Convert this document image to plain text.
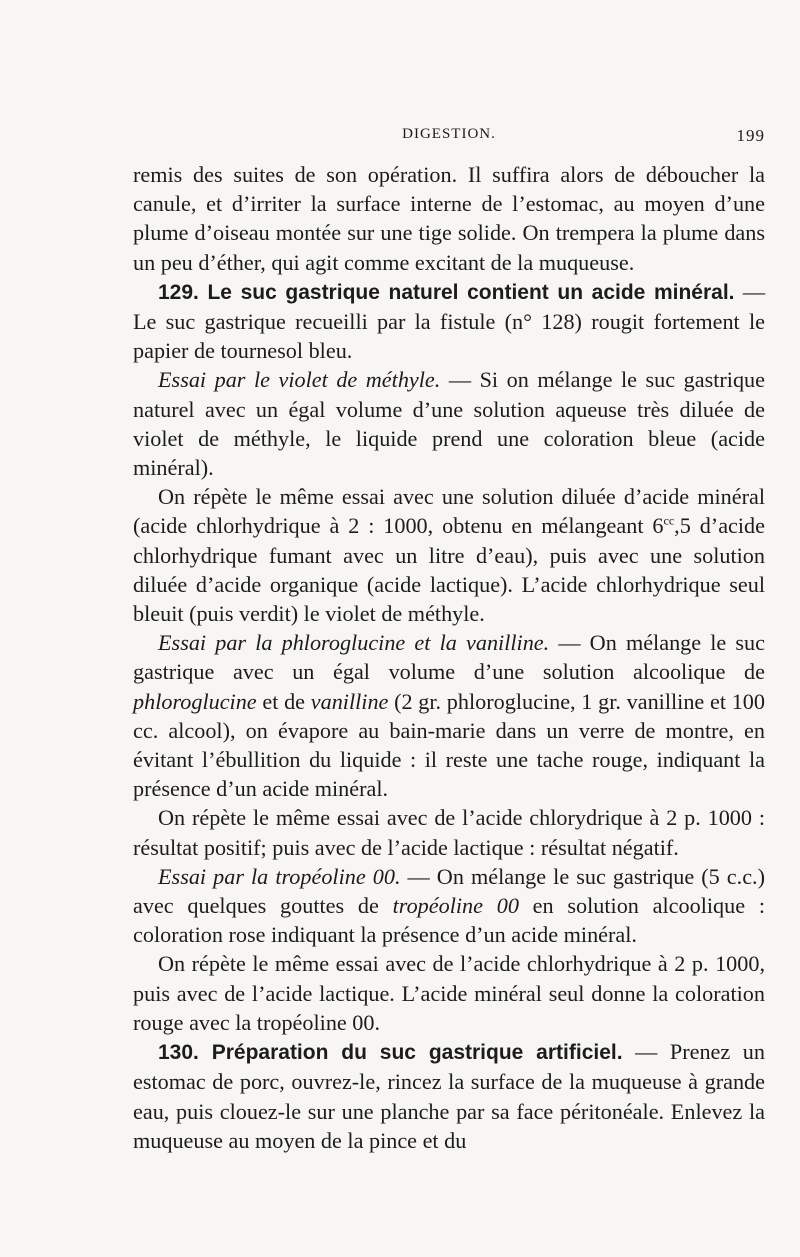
DIGESTION.	199

remis des suites de son opération. Il suffira alors de déboucher la canule, et d’irriter la surface interne de l’estomac, au moyen d’une plume d’oiseau montée sur une tige solide. On trempera la plume dans un peu d’éther, qui agit comme excitant de la muqueuse.

129. Le suc gastrique naturel contient un acide minéral. — Le suc gastrique recueilli par la fistule (n° 128) rougit fortement le papier de tournesol bleu.

Essai par le violet de méthyle. — Si on mélange le suc gastrique naturel avec un égal volume d’une solution aqueuse très diluée de violet de méthyle, le liquide prend une coloration bleue (acide minéral).

On répète le même essai avec une solution diluée d’acide minéral (acide chlorhydrique à 2 : 1000, obtenu en mélangeant $6^{cc},5$ d’acide chlorhydrique fumant avec un litre d’eau), puis avec une solution diluée d’acide organique (acide lactique). L’acide chlorhydrique seul bleuit (puis verdit) le violet de méthyle.

Essai par la phloroglucine et la vanilline. — On mélange le suc gastrique avec un égal volume d’une solution alcoolique de phloroglucine et de vanilline (2 gr. phloroglucine, 1 gr. vanilline et 100 cc. alcool), on évapore au bain-marie dans un verre de montre, en évitant l’ébullition du liquide : il reste une tache rouge, indiquant la présence d’un acide minéral.

On répète le même essai avec de l’acide chlorydrique à 2 p. 1000 : résultat positif; puis avec de l’acide lactique : résultat négatif.

Essai par la tropéoline 00. — On mélange le suc gastrique (5 c.c.) avec quelques gouttes de tropéoline 00 en solution alcoolique : coloration rose indiquant la présence d’un acide minéral.

On répète le même essai avec de l’acide chlorhydrique à 2 p. 1000, puis avec de l’acide lactique. L’acide minéral seul donne la coloration rouge avec la tropéoline 00.

130. Préparation du suc gastrique artificiel. — Prenez un estomac de porc, ouvrez-le, rincez la surface de la muqueuse à grande eau, puis clouez-le sur une planche par sa face péritonéale. Enlevez la muqueuse au moyen de la pince et du
